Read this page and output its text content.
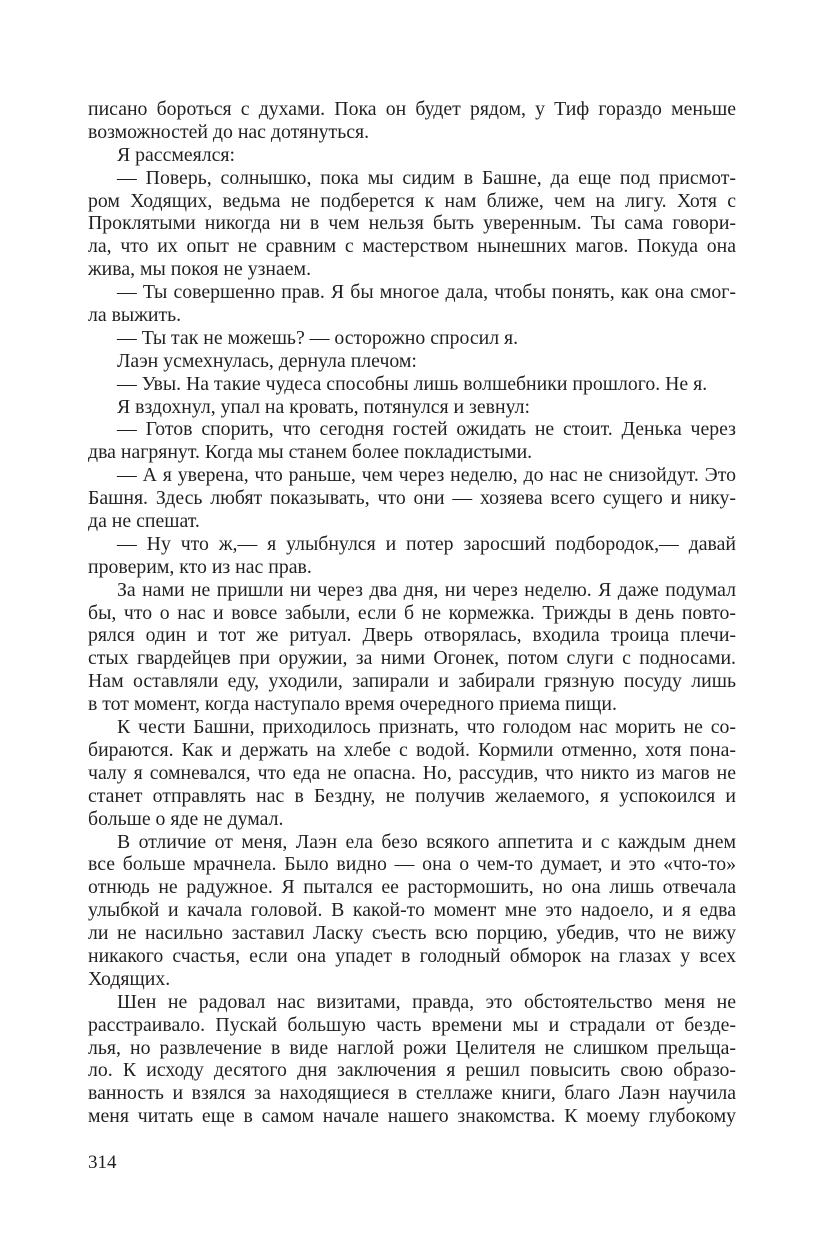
писано бороться с духами. Пока он будет рядом, у Тиф гораздо меньше
возможностей до нас дотянуться.
Я рассмеялся:
— Поверь, солнышко, пока мы сидим в Башне, да еще под присмот-
ром Ходящих, ведьма не подберется к нам ближе, чем на лигу. Хотя с
Проклятыми никогда ни в чем нельзя быть уверенным. Ты сама говори-
ла, что их опыт не сравним с мастерством нынешних магов. Покуда она
жива, мы покоя не узнаем.
— Ты совершенно прав. Я бы многое дала, чтобы понять, как она смог-
ла выжить.
— Ты так не можешь? — осторожно спросил я.
Лаэн усмехнулась, дернула плечом:
— Увы. На такие чудеса способны лишь волшебники прошлого. Не я.
Я вздохнул, упал на кровать, потянулся и зевнул:
— Готов спорить, что сегодня гостей ожидать не стоит. Денька через
два нагрянут. Когда мы станем более покладистыми.
— А я уверена, что раньше, чем через неделю, до нас не снизойдут. Это
Башня. Здесь любят показывать, что они — хозяева всего сущего и нику-
да не спешат.
— Ну что ж,— я улыбнулся и потер заросший подбородок,— давай
проверим, кто из нас прав.
За нами не пришли ни через два дня, ни через неделю. Я даже подумал
бы, что о нас и вовсе забыли, если б не кормежка. Трижды в день повто-
рялся один и тот же ритуал. Дверь отворялась, входила троица плечи-
стых гвардейцев при оружии, за ними Огонек, потом слуги с подносами.
Нам оставляли еду, уходили, запирали и забирали грязную посуду лишь
в тот момент, когда наступало время очередного приема пищи.
К чести Башни, приходилось признать, что голодом нас морить не со-
бираются. Как и держать на хлебе с водой. Кормили отменно, хотя пона-
чалу я сомневался, что еда не опасна. Но, рассудив, что никто из магов не
станет отправлять нас в Бездну, не получив желаемого, я успокоился и
больше о яде не думал.
В отличие от меня, Лаэн ела безо всякого аппетита и с каждым днем
все больше мрачнела. Было видно — она о чем-то думает, и это «что-то»
отнюдь не радужное. Я пытался ее растормошить, но она лишь отвечала
улыбкой и качала головой. В какой-то момент мне это надоело, и я едва
ли не насильно заставил Ласку съесть всю порцию, убедив, что не вижу
никакого счастья, если она упадет в голодный обморок на глазах у всех
Ходящих.
Шен не радовал нас визитами, правда, это обстоятельство меня не
расстраивало. Пускай большую часть времени мы и страдали от безде-
лья, но развлечение в виде наглой рожи Целителя не слишком прельща-
ло. К исходу десятого дня заключения я решил повысить свою образо-
ванность и взялся за находящиеся в стеллаже книги, благо Лаэн научила
меня читать еще в самом начале нашего знакомства. К моему глубокому
314
